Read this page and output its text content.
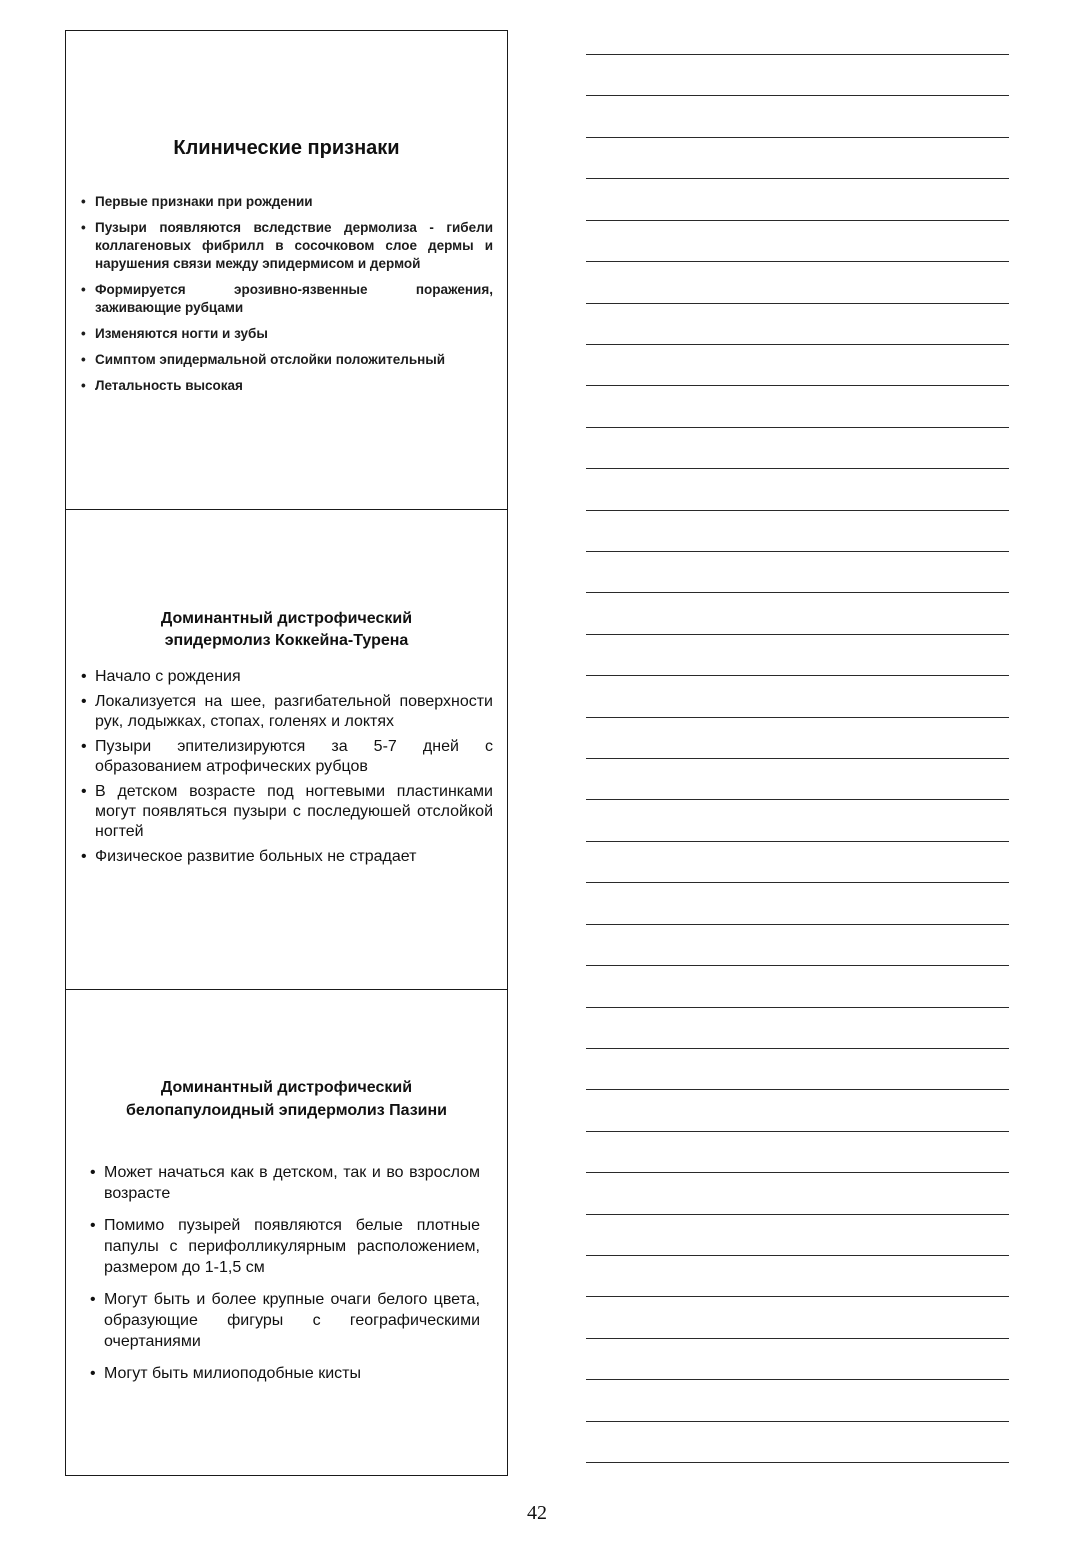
Клинические признаки
• Первые признаки при рождении
• Пузыри появляются вследствие дермолиза - гибели коллагеновых фибрилл в сосочковом слое дермы и нарушения связи между эпидермисом и дермой
• Формируется эрозивно-язвенные поражения, заживающие рубцами
• Изменяются ногти и зубы
• Симптом эпидермальной отслойки положительный
• Летальность высокая
Доминантный дистрофический эпидермолиз Коккейна-Турена
• Начало с рождения
• Локализуется на шее, разгибательной поверхности рук, лодыжках, стопах, голенях и локтях
• Пузыри эпителизируются за 5-7 дней с образованием атрофических рубцов
• В детском возрасте под ногтевыми пластинками могут появляться пузыри с последуюшей отслойкой ногтей
• Физическое развитие больных не страдает
Доминантный дистрофический белопапулоидный эпидермолиз Пазини
• Может начаться как в детском, так и во взрослом возрасте
• Помимо пузырей появляются белые плотные папулы с перифолликулярным расположением, размером до 1-1,5 см
• Могут быть и более крупные очаги белого цвета, образующие фигуры с географическими очертаниями
• Могут быть милиоподобные кисты
42
